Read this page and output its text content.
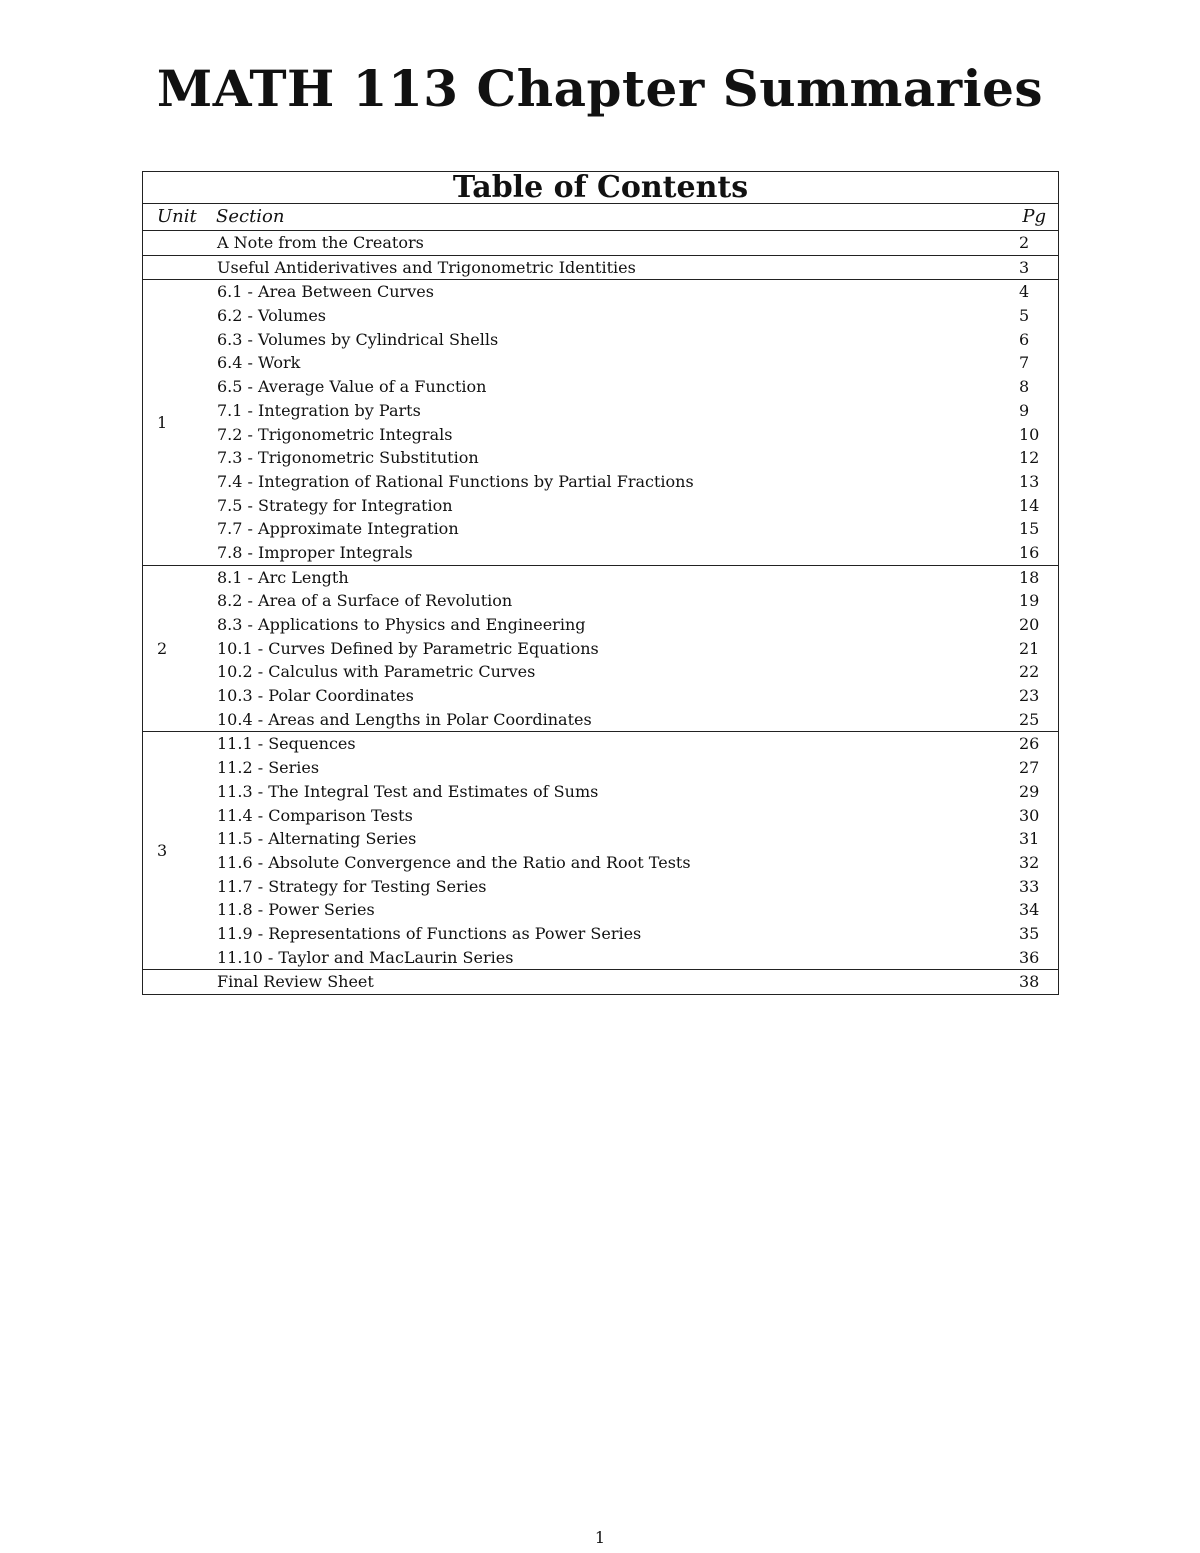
MATH 113 Chapter Summaries
Table of Contents
Unit	Section	Pg
A Note from the Creators	2
Useful Antiderivatives and Trigonometric Identities	3
1
6.1 - Area Between Curves	4
6.2 - Volumes	5
6.3 - Volumes by Cylindrical Shells	6
6.4 - Work	7
6.5 - Average Value of a Function	8
7.1 - Integration by Parts	9
7.2 - Trigonometric Integrals	10
7.3 - Trigonometric Substitution	12
7.4 - Integration of Rational Functions by Partial Fractions	13
7.5 - Strategy for Integration	14
7.7 - Approximate Integration	15
7.8 - Improper Integrals	16
2
8.1 - Arc Length	18
8.2 - Area of a Surface of Revolution	19
8.3 - Applications to Physics and Engineering	20
10.1 - Curves Defined by Parametric Equations	21
10.2 - Calculus with Parametric Curves	22
10.3 - Polar Coordinates	23
10.4 - Areas and Lengths in Polar Coordinates	25
3
11.1 - Sequences	26
11.2 - Series	27
11.3 - The Integral Test and Estimates of Sums	29
11.4 - Comparison Tests	30
11.5 - Alternating Series	31
11.6 - Absolute Convergence and the Ratio and Root Tests	32
11.7 - Strategy for Testing Series	33
11.8 - Power Series	34
11.9 - Representations of Functions as Power Series	35
11.10 - Taylor and MacLaurin Series	36
Final Review Sheet	38
1
